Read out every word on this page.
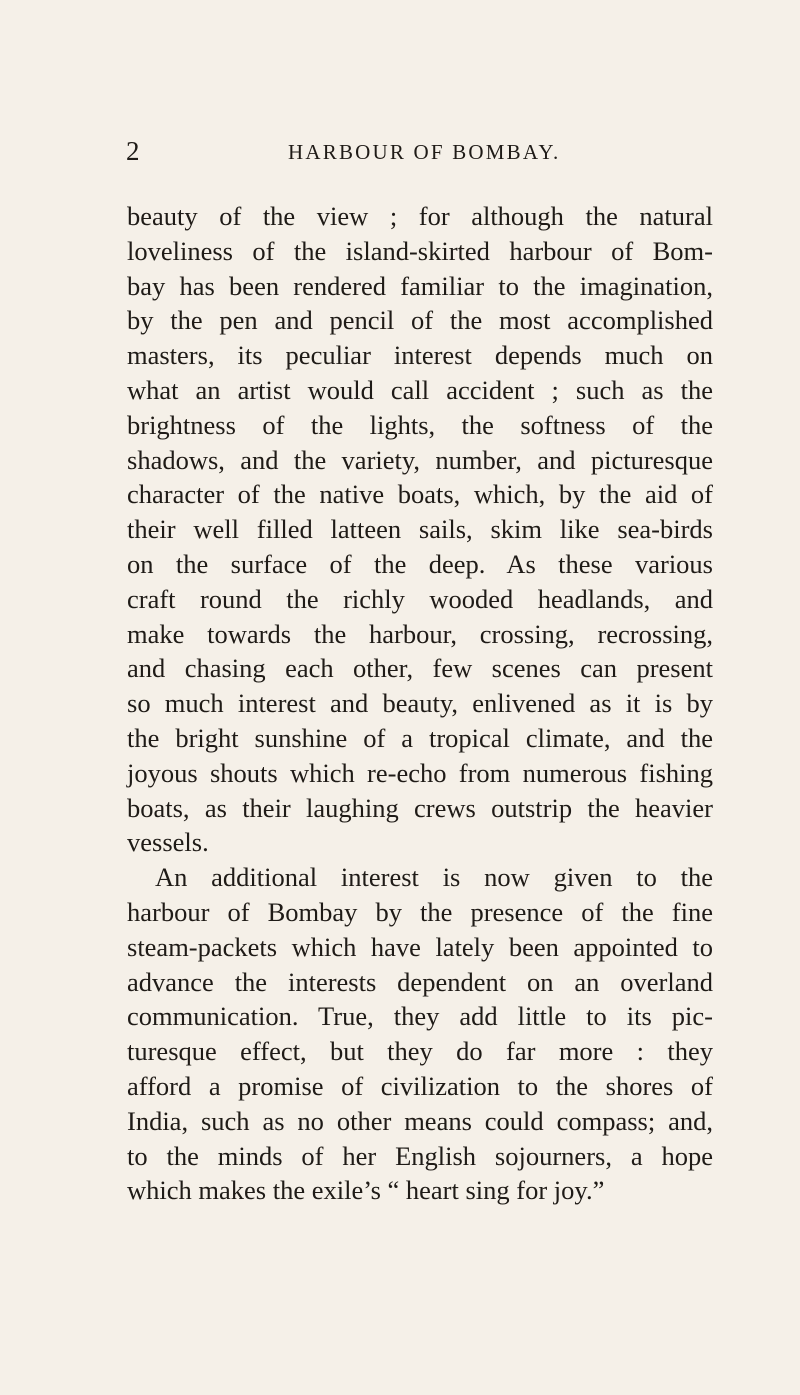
2	HARBOUR OF BOMBAY.
beauty of the view ; for although the natural
loveliness of the island-skirted harbour of Bom-
bay has been rendered familiar to the imagination,
by the pen and pencil of the most accomplished
masters, its peculiar interest depends much on
what an artist would call accident ; such as the
brightness of the lights, the softness of the
shadows, and the variety, number, and picturesque
character of the native boats, which, by the aid of
their well filled latteen sails, skim like sea-birds
on the surface of the deep. As these various
craft round the richly wooded headlands, and
make towards the harbour, crossing, recrossing,
and chasing each other, few scenes can present
so much interest and beauty, enlivened as it is by
the bright sunshine of a tropical climate, and the
joyous shouts which re-echo from numerous fishing
boats, as their laughing crews outstrip the heavier
vessels.
An additional interest is now given to the
harbour of Bombay by the presence of the fine
steam-packets which have lately been appointed to
advance the interests dependent on an overland
communication. True, they add little to its pic-
turesque effect, but they do far more : they
afford a promise of civilization to the shores of
India, such as no other means could compass; and,
to the minds of her English sojourners, a hope
which makes the exile’s “ heart sing for joy.”
